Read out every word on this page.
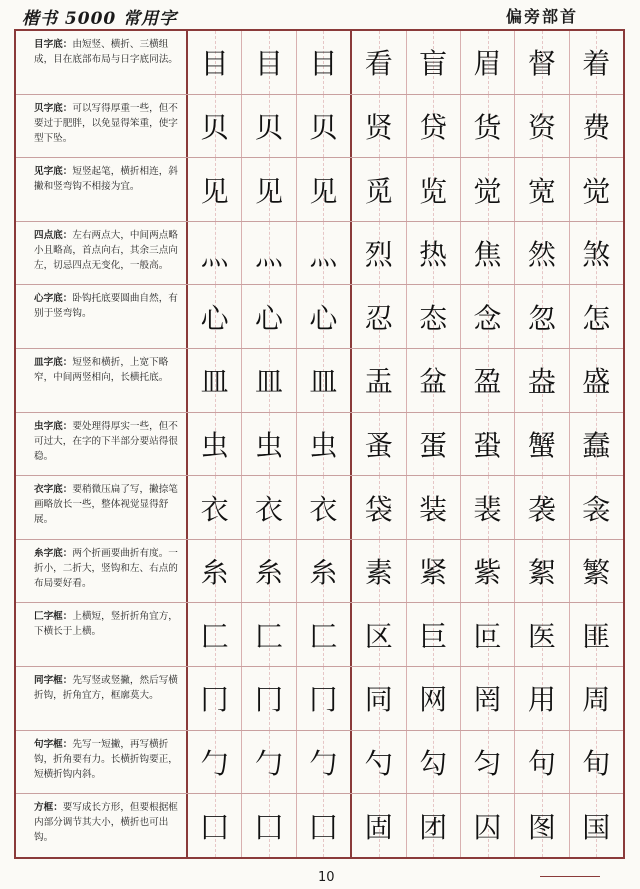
楷书 5000 常用字	偏旁部首
目字底：由短竖、横折、三横组成，目在底部布局与日字底同法。 目 目 目 看 盲 眉 督 着
贝字底：可以写得厚重一些，但不要过于肥胖，以免显得笨重，使字型下坠。	贝 贝 贝 贤 贷 货 资 费
见字底：短竖起笔，横折相连，斜撇和竖弯钩不相接为宜。	见 见 见 觅 览 觉 宽 觉
四点底：左右两点大，中间两点略小且略高，首点向右，其余三点向左，切忌四点无变化，一般高。	灬 灬 灬 烈 热 焦 然 煞
心字底：卧钩托底要圆曲自然，有别于竖弯钩。	心 心 心 忍 态 念 忽 怎
皿字底：短竖和横折，上宽下略窄，中间两竖相向，长横托底。	皿 皿 皿 盂 盆 盈 盎 盛
虫字底：要处理得厚实一些，但不可过大，在字的下半部分要站得很稳。	虫 虫 虫 蚤 蛋 蛩 蟹 蠢
衣字底：要稍微压扁了写，撇捺笔画略放长一些，整体视觉显得舒展。	衣 衣 衣 袋 装 裴 袭 衾
糸字底：两个折画要曲折有度。一折小，二折大，竖钩和左、右点的布局要好看。	糸 糸 糸 素 紧 紫 絮 繁
匚字框：上横短，竖折折角宜方，下横长于上横。	匚 匚 匚 区 巨 叵 医 匪
同字框：先写竖或竖撇，然后写横折钩，折角宜方，框廓莫大。	冂 冂 冂 同 网 罔 用 周
句字框：先写一短撇，再写横折钩，折角要有力。长横折钩要正，短横折钩内斜。	勹 勹 勹 勺 勾 匀 句 旬
方框：要写成长方形，但要根据框内部分调节其大小，横折也可出钩。	囗 囗 囗 固 团 囚 图 国
10
